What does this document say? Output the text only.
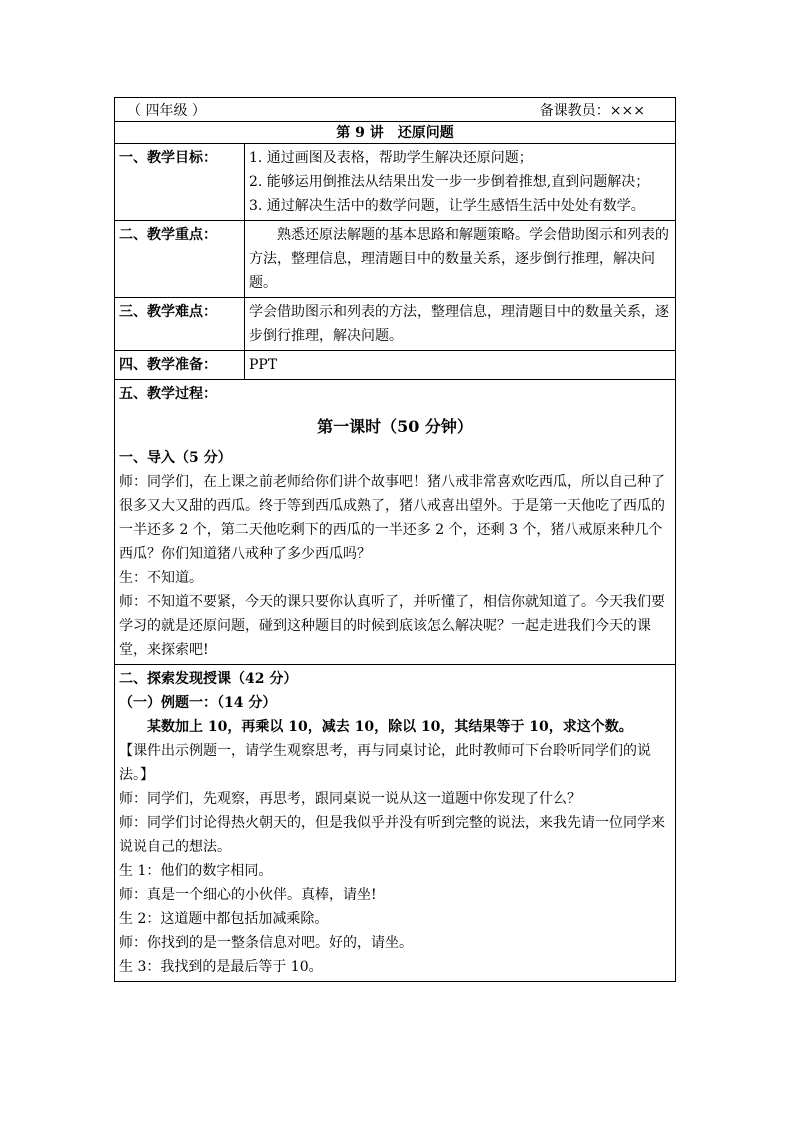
（ 四年级 ）	备课教员：×××
第 9 讲　还原问题
一、教学目标：	1. 通过画图及表格，帮助学生解决还原问题；

2. 能够运用倒推法从结果出发一步一步倒着推想,直到问题解决；

3. 通过解决生活中的数学问题，让学生感悟生活中处处有数学。

二、教学重点：	熟悉还原法解题的基本思路和解题策略。学会借助图示和列表的方法，整理信息，理清题目中的数量关系，逐步倒行推理，解决问题。

三、教学难点：	学会借助图示和列表的方法，整理信息，理清题目中的数量关系，逐步倒行推理，解决问题。

四、教学准备：	PPT

五、教学过程：

第一课时（50 分钟）

一、导入（5 分）

师：同学们，在上课之前老师给你们讲个故事吧！猪八戒非常喜欢吃西瓜，所以自己种了很多又大又甜的西瓜。终于等到西瓜成熟了，猪八戒喜出望外。于是第一天他吃了西瓜的一半还多 2 个，第二天他吃剩下的西瓜的一半还多 2 个，还剩 3 个，猪八戒原来种几个西瓜？你们知道猪八戒种了多少西瓜吗？

生：不知道。

师：不知道不要紧，今天的课只要你认真听了，并听懂了，相信你就知道了。今天我们要学习的就是还原问题，碰到这种题目的时候到底该怎么解决呢？一起走进我们今天的课堂，来探索吧!

二、探索发现授课（42 分）

（一）例题一：（14 分）

某数加上 10，再乘以 10，减去 10，除以 10，其结果等于 10，求这个数。

【课件出示例题一，请学生观察思考，再与同桌讨论，此时教师可下台聆听同学们的说法。】

师：同学们，先观察，再思考，跟同桌说一说从这一道题中你发现了什么？

师：同学们讨论得热火朝天的，但是我似乎并没有听到完整的说法，来我先请一位同学来说说自己的想法。

生 1：他们的数字相同。

师：真是一个细心的小伙伴。真棒，请坐!

生 2：这道题中都包括加减乘除。

师：你找到的是一整条信息对吧。好的，请坐。

生 3：我找到的是最后等于 10。
